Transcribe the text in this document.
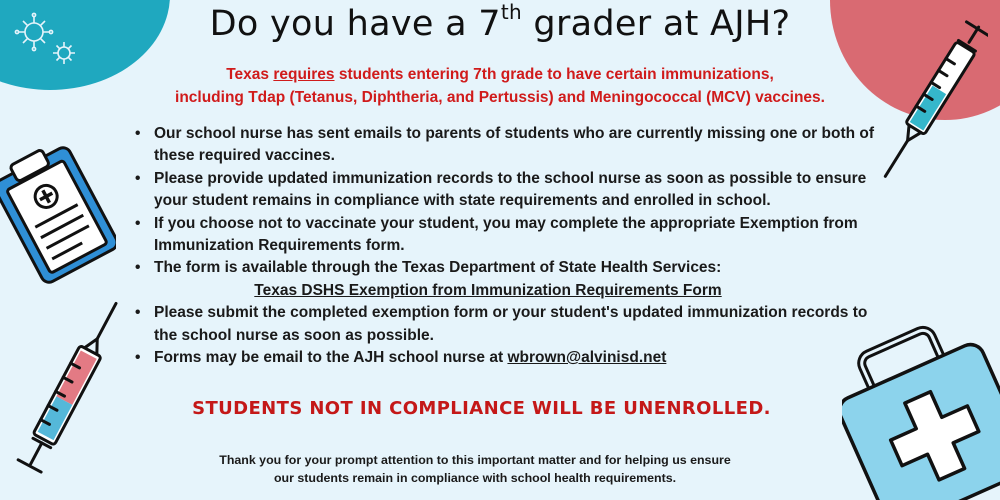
Do you have a 7th grader at AJH?
Texas requires students entering 7th grade to have certain immunizations,
including Tdap (Tetanus, Diphtheria, and Pertussis) and Meningococcal (MCV) vaccines.
• Our school nurse has sent emails to parents of students who are currently missing one or both of these required vaccines.
• Please provide updated immunization records to the school nurse as soon as possible to ensure your student remains in compliance with state requirements and enrolled in school.
• If you choose not to vaccinate your student, you may complete the appropriate Exemption from Immunization Requirements form.
• The form is available through the Texas Department of State Health Services:
Texas DSHS Exemption from Immunization Requirements Form
• Please submit the completed exemption form or your student's updated immunization records to the school nurse as soon as possible.
• Forms may be email to the AJH school nurse at wbrown@alvinisd.net
STUDENTS NOT IN COMPLIANCE WILL BE UNENROLLED.
Thank you for your prompt attention to this important matter and for helping us ensure
our students remain in compliance with school health requirements.
